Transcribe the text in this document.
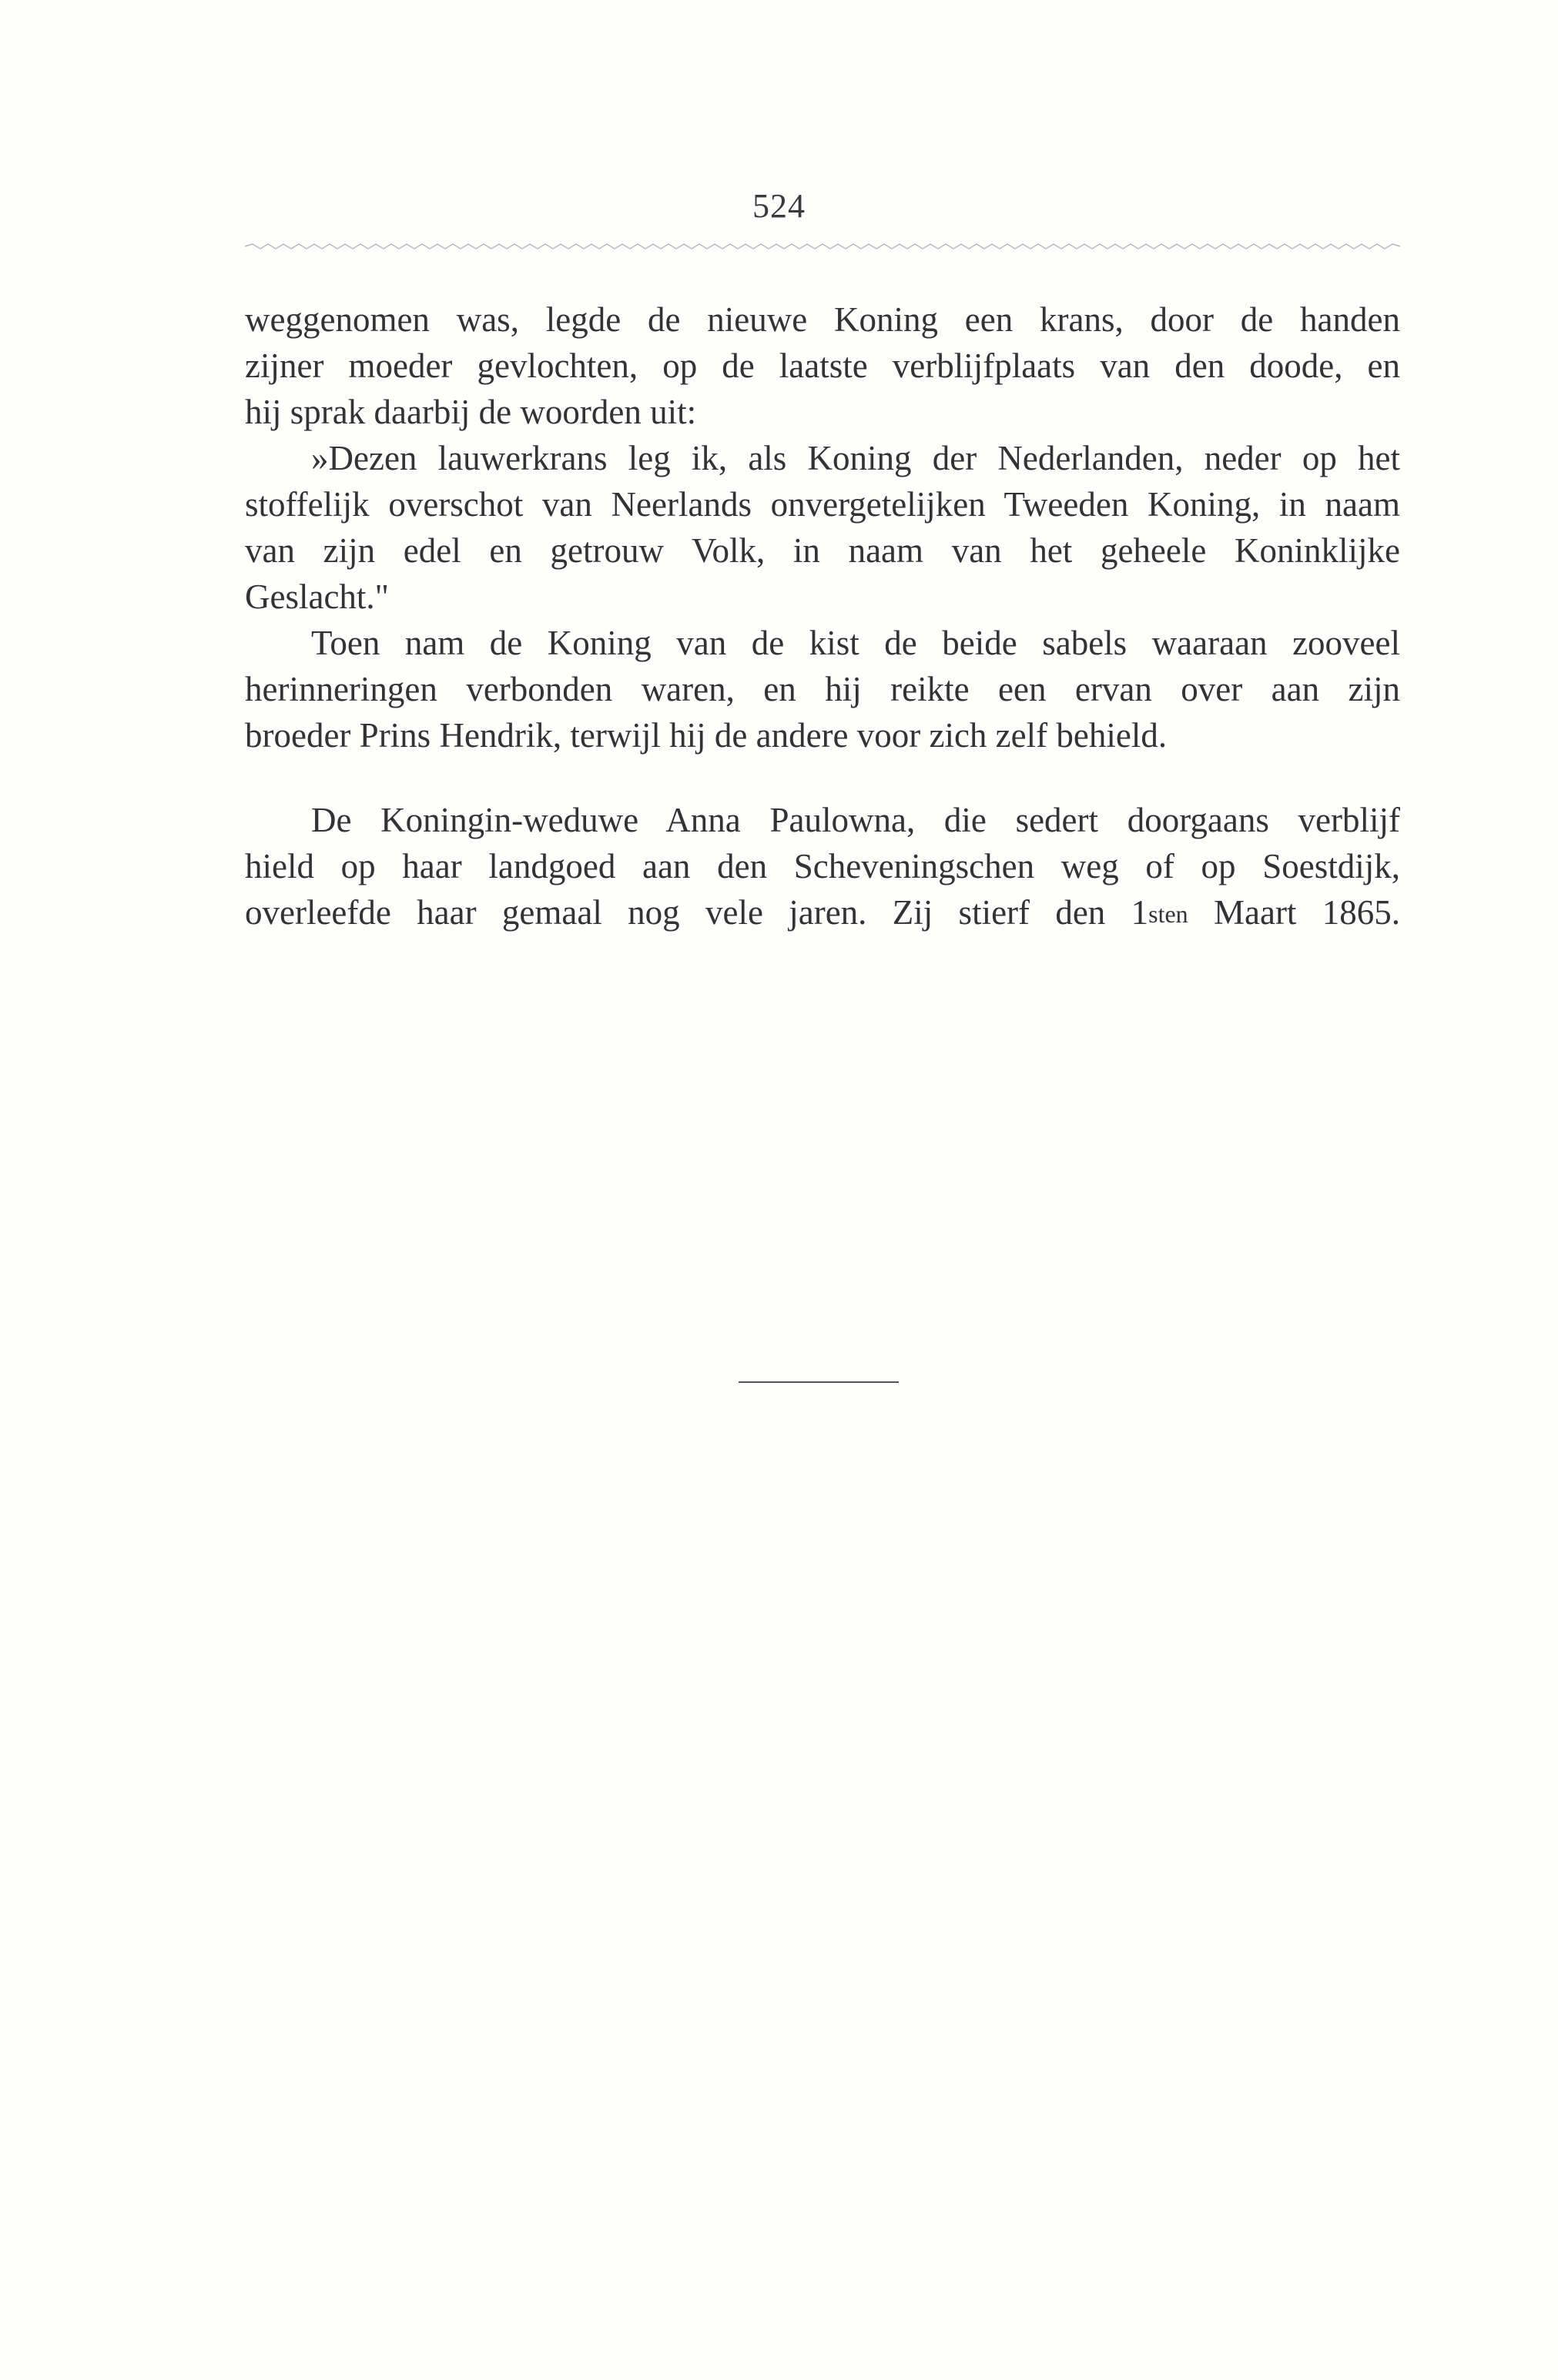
524
weggenomen was, legde de nieuwe Koning een krans, door de handen
zijner moeder gevlochten, op de laatste verblijfplaats van den doode, en
hij sprak daarbij de woorden uit:
»Dezen lauwerkrans leg ik, als Koning der Nederlanden, neder op het
stoffelijk overschot van Neerlands onvergetelijken Tweeden Koning, in naam
van zijn edel en getrouw Volk, in naam van het geheele Koninklijke
Geslacht."
Toen nam de Koning van de kist de beide sabels waaraan zooveel
herinneringen verbonden waren, en hij reikte een ervan over aan zijn
broeder Prins Hendrik, terwijl hij de andere voor zich zelf behield.
De Koningin-weduwe Anna Paulowna, die sedert doorgaans verblijf
hield op haar landgoed aan den Scheveningschen weg of op Soestdijk,
overleefde haar gemaal nog vele jaren. Zij stierf den 1sten Maart 1865.
